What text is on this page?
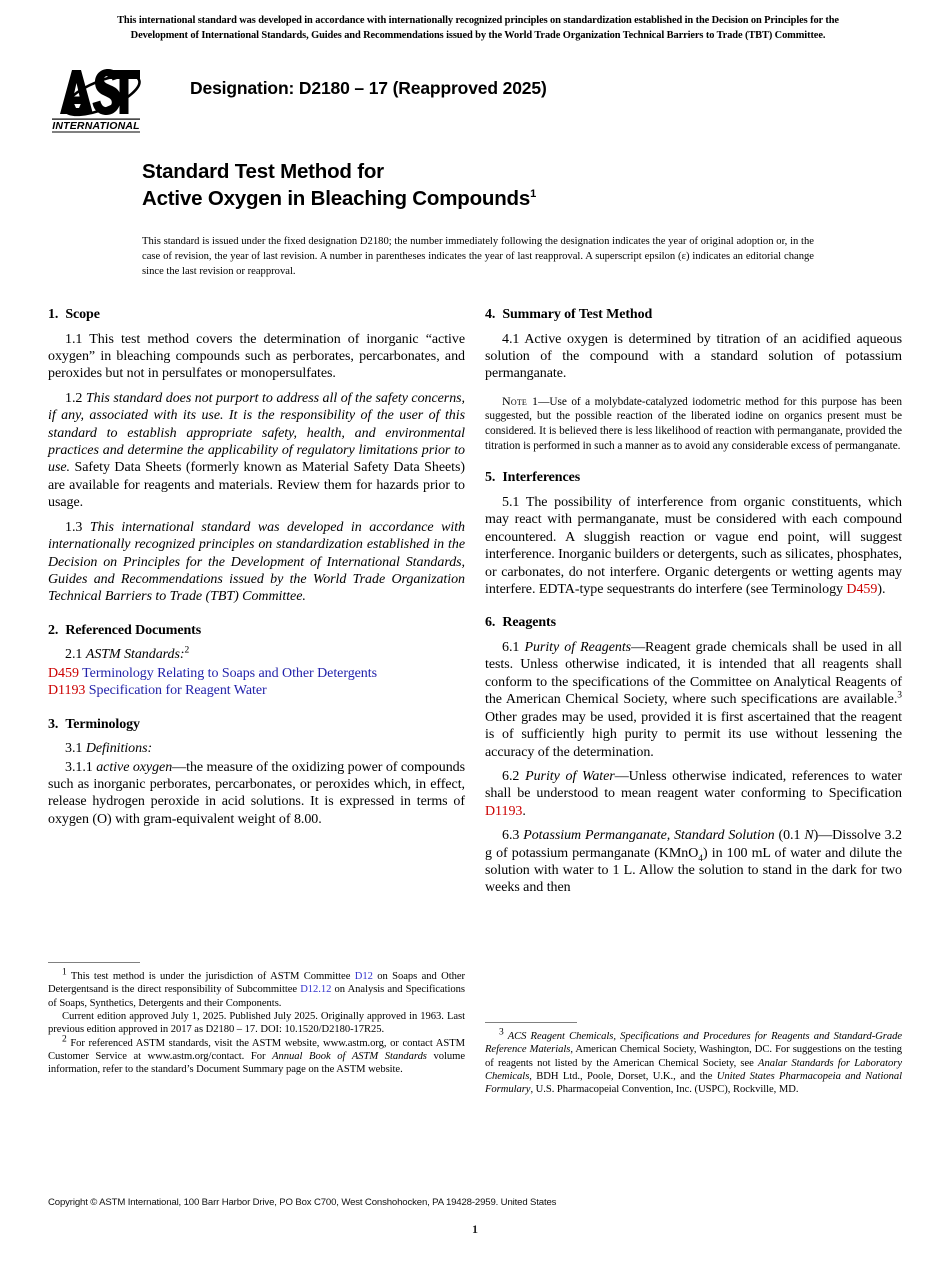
This international standard was developed in accordance with internationally recognized principles on standardization established in the Decision on Principles for the
Development of International Standards, Guides and Recommendations issued by the World Trade Organization Technical Barriers to Trade (TBT) Committee.
INTERNATIONAL
Designation: D2180 – 17 (Reapproved 2025)
Standard Test Method for
Active Oxygen in Bleaching Compounds$^1$
This standard is issued under the fixed designation D2180; the number immediately following the designation indicates the year of original adoption or, in the case of revision, the year of last revision. A number in parentheses indicates the year of last reapproval. A superscript epsilon (ε) indicates an editorial change since the last revision or reapproval.
1. Scope

1.1 This test method covers the determination of inorganic “active oxygen” in bleaching compounds such as perborates, percarbonates, and peroxides but not in persulfates or monopersulfates.

1.2 This standard does not purport to address all of the safety concerns, if any, associated with its use. It is the responsibility of the user of this standard to establish appropriate safety, health, and environmental practices and determine the applicability of regulatory limitations prior to use. Safety Data Sheets (formerly known as Material Safety Data Sheets) are available for reagents and materials. Review them for hazards prior to usage.

1.3 This international standard was developed in accordance with internationally recognized principles on standardization established in the Decision on Principles for the Development of International Standards, Guides and Recommendations issued by the World Trade Organization Technical Barriers to Trade (TBT) Committee.

2. Referenced Documents

2.1 ASTM Standards:$^2$

D459 Terminology Relating to Soaps and Other Detergents

D1193 Specification for Reagent Water

3. Terminology

3.1 Definitions:

3.1.1 active oxygen—the measure of the oxidizing power of compounds such as inorganic perborates, percarbonates, or peroxides which, in effect, release hydrogen peroxide in acid solutions. It is expressed in terms of oxygen (O) with gram-equivalent weight of 8.00.

4. Summary of Test Method

4.1 Active oxygen is determined by titration of an acidified aqueous solution of the compound with a standard solution of potassium permanganate.

Note 1—Use of a molybdate-catalyzed iodometric method for this purpose has been suggested, but the possible reaction of the liberated iodine on organics present must be considered. It is believed there is less likelihood of reaction with permanganate, provided the titration is performed in such a manner as to avoid any considerable excess of permanganate.

5. Interferences

5.1 The possibility of interference from organic constituents, which may react with permanganate, must be considered with each compound encountered. A sluggish reaction or vague end point, will suggest interference. Inorganic builders or detergents, such as silicates, phosphates, or carbonates, do not interfere. Organic detergents or wetting agents may interfere. EDTA-type sequestrants do interfere (see Terminology D459).

6. Reagents

6.1 Purity of Reagents—Reagent grade chemicals shall be used in all tests. Unless otherwise indicated, it is intended that all reagents shall conform to the specifications of the Committee on Analytical Reagents of the American Chemical Society, where such specifications are available.$^3$ Other grades may be used, provided it is first ascertained that the reagent is of sufficiently high purity to permit its use without lessening the accuracy of the determination.

6.2 Purity of Water—Unless otherwise indicated, references to water shall be understood to mean reagent water conforming to Specification D1193.

6.3 Potassium Permanganate, Standard Solution (0.1 N)—Dissolve 3.2 g of potassium permanganate (KMnO$_4$) in 100 mL of water and dilute the solution with water to 1 L. Allow the solution to stand in the dark for two weeks and then

$^1$ This test method is under the jurisdiction of ASTM Committee D12 on Soaps and Other Detergentsand is the direct responsibility of Subcommittee D12.12 on Analysis and Specifications of Soaps, Synthetics, Detergents and their Components.

Current edition approved July 1, 2025. Published July 2025. Originally approved in 1963. Last previous edition approved in 2017 as D2180 – 17. DOI: 10.1520/D2180-17R25.

$^2$ For referenced ASTM standards, visit the ASTM website, www.astm.org, or contact ASTM Customer Service at www.astm.org/contact. For Annual Book of ASTM Standards volume information, refer to the standard’s Document Summary page on the ASTM website.

$^3$ ACS Reagent Chemicals, Specifications and Procedures for Reagents and Standard-Grade Reference Materials, American Chemical Society, Washington, DC. For suggestions on the testing of reagents not listed by the American Chemical Society, see Analar Standards for Laboratory Chemicals, BDH Ltd., Poole, Dorset, U.K., and the United States Pharmacopeia and National Formulary, U.S. Pharmacopeial Convention, Inc. (USPC), Rockville, MD.

Copyright © ASTM International, 100 Barr Harbor Drive, PO Box C700, West Conshohocken, PA 19428-2959. United States
1
